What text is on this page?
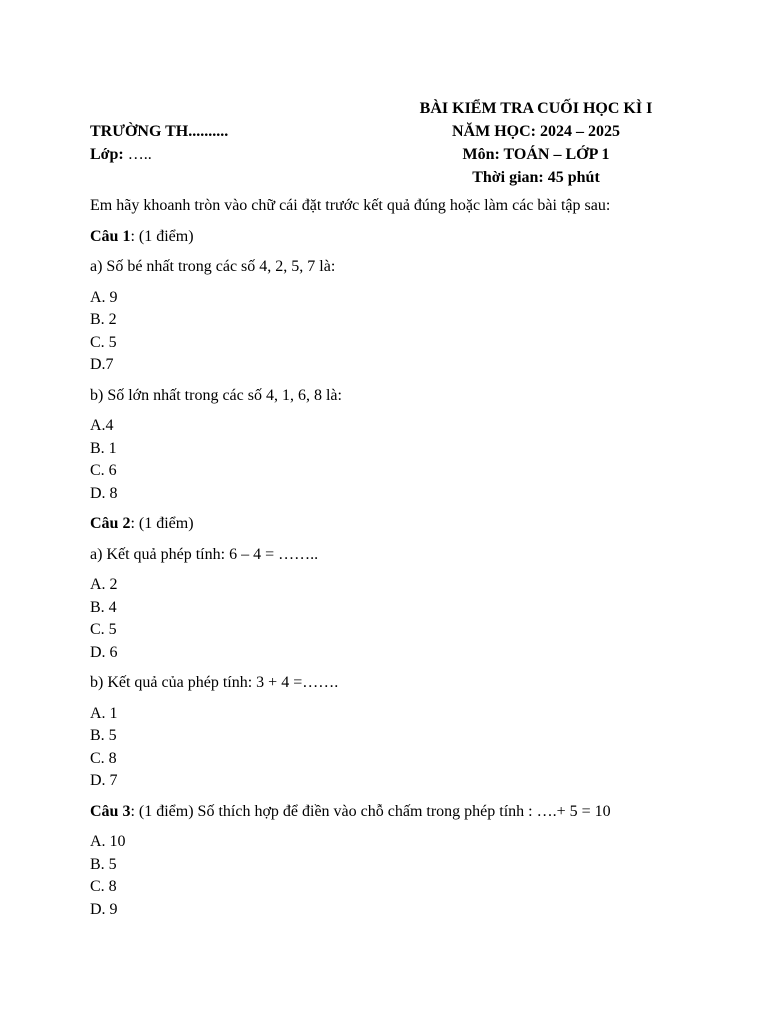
BÀI KIỂM TRA CUỐI HỌC KÌ I
TRƯỜNG TH..........	NĂM HỌC: 2024 – 2025
Lớp: …..	Môn: TOÁN – LỚP 1
Thời gian: 45 phút

Em hãy khoanh tròn vào chữ cái đặt trước kết quả đúng hoặc làm các bài tập sau:

Câu 1: (1 điểm)

a) Số bé nhất trong các số 4, 2, 5, 7 là:

A. 9
B. 2
C. 5
D.7

b) Số lớn nhất trong các số 4, 1, 6, 8 là:

A.4
B. 1
C. 6
D. 8

Câu 2: (1 điểm)

a) Kết quả phép tính: 6 – 4 = ……..

A. 2
B. 4
C. 5
D. 6

b) Kết quả của phép tính: 3 + 4 =…….

A. 1
B. 5
C. 8
D. 7

Câu 3: (1 điểm) Số thích hợp để điền vào chỗ chấm trong phép tính : ….+ 5 = 10

A. 10
B. 5
C. 8
D. 9
